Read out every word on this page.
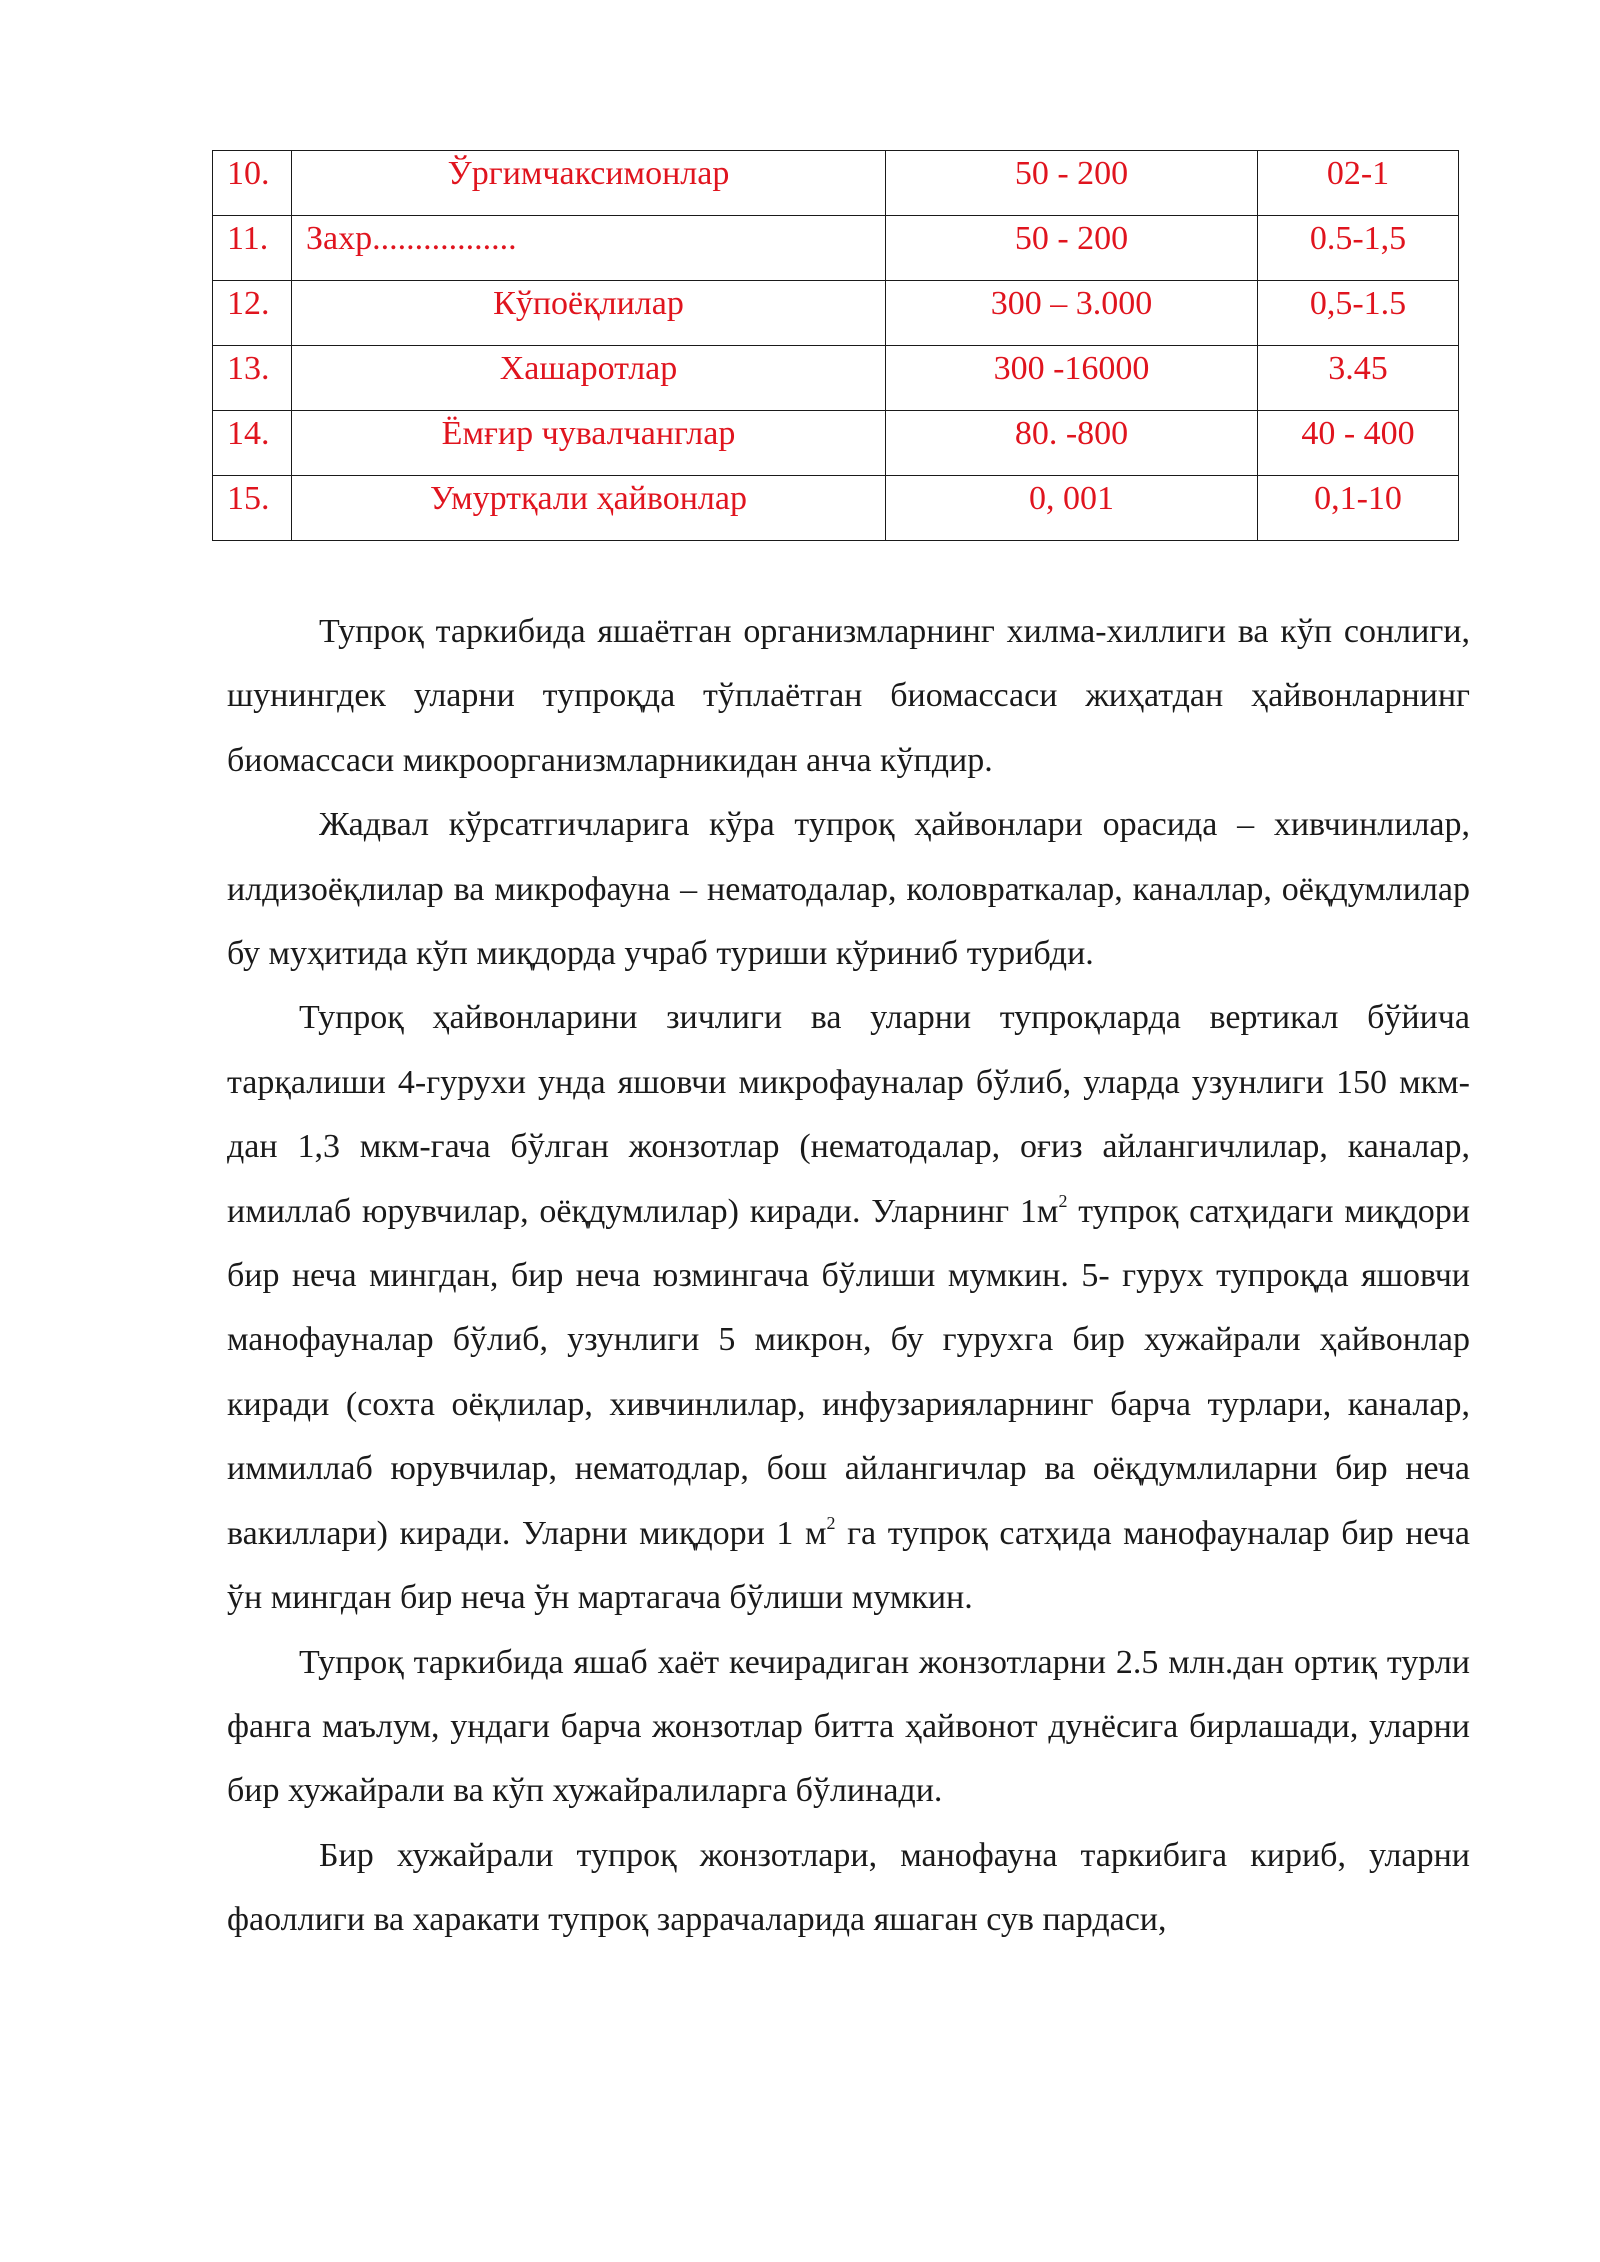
10.	Ўргимчаксимонлар	50 - 200	02-1
11.	Захр.................	50 - 200	0.5-1,5
12.	Кўпоёқлилар	300 – 3.000	0,5-1.5
13.	Хашаротлар	300 -16000	3.45
14.	Ёмғир чувалчанглар	80. -800	40 - 400
15.	Умуртқали ҳайвонлар	0, 001	0,1-10

Тупроқ таркибида яшаётган организмларнинг хилма-хиллиги ва кўп сонлиги, шунингдек уларни тупроқда тўплаётган биомассаси жиҳатдан ҳайвонларнинг биомассаси микроорганизмларникидан анча кўпдир.

Жадвал кўрсатгичларига кўра тупроқ ҳайвонлари орасида – хивчинлилар, илдизоёқлилар ва микрофауна – нематодалар, коловраткалар, каналлар, оёқдумлилар бу муҳитида кўп миқдорда учраб туриши кўриниб турибди.

Тупроқ ҳайвонларини зичлиги ва уларни тупроқларда вертикал бўйича тарқалиши 4-гурухи унда яшовчи микрофауналар бўлиб, уларда узунлиги 150 мкм-дан 1,3 мкм-гача бўлган жонзотлар (нематодалар, оғиз айлангичлилар, каналар, имиллаб юрувчилар, оёқдумлилар) киради. Уларнинг $1м^2$ тупроқ сатҳидаги миқдори бир неча мингдан, бир неча юзмингача бўлиши мумкин. 5- гурух тупроқда яшовчи манофауналар бўлиб, узунлиги 5 микрон, бу гурухга бир хужайрали ҳайвонлар киради (сохта оёқлилар, хивчинлилар, инфузарияларнинг барча турлари, каналар, иммиллаб юрувчилар, нематодлар, бош айлангичлар ва оёқдумлиларни бир неча вакиллари) киради. Уларни миқдори 1 $м^2$ га тупроқ сатҳида манофауналар бир неча ўн мингдан бир неча ўн мартагача бўлиши мумкин.

Тупроқ таркибида яшаб хаёт кечирадиган жонзотларни 2.5 млн.дан ортиқ турли фанга маълум, ундаги барча жонзотлар битта ҳайвонот дунёсига бирлашади, уларни бир хужайрали ва кўп хужайралиларга бўлинади.

Бир хужайрали тупроқ жонзотлари, манофауна таркибига кириб, уларни фаоллиги ва харакати тупроқ заррачаларида яшаган сув пардаси,
